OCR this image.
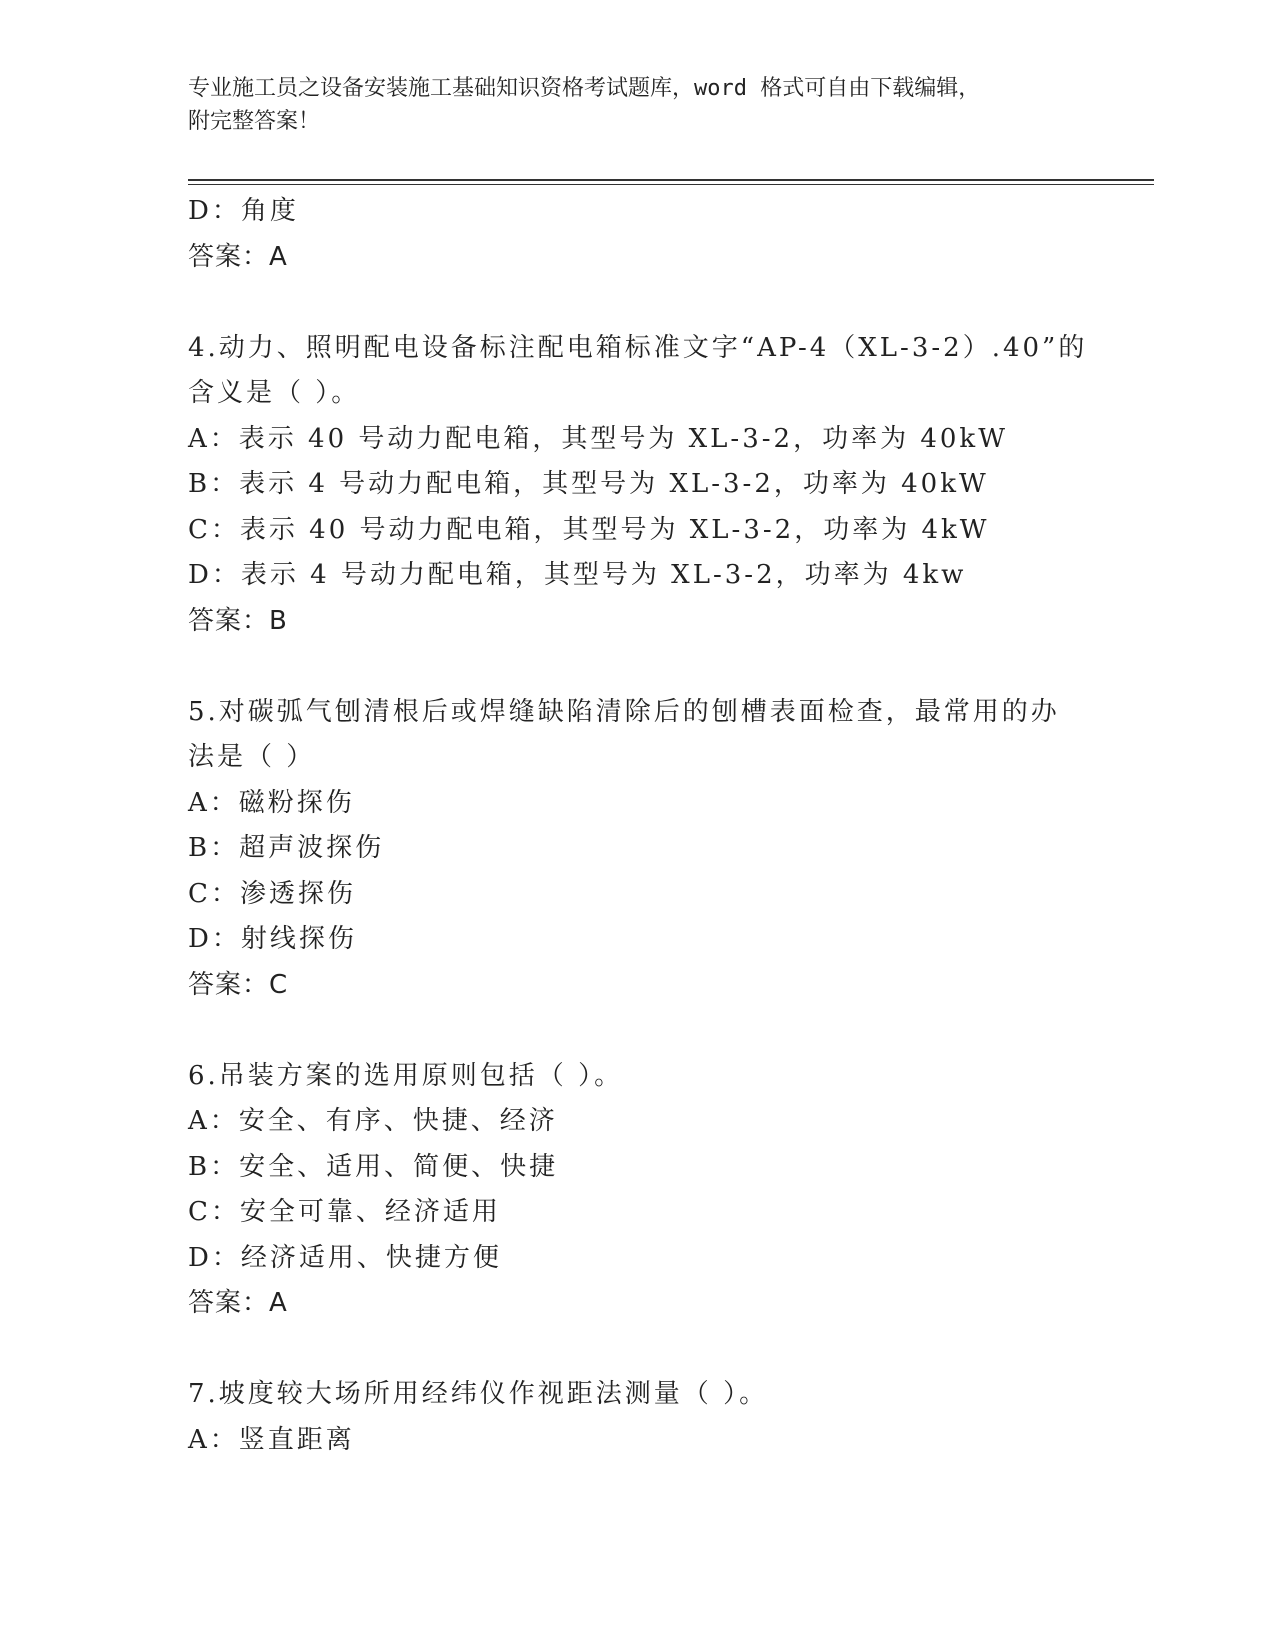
专业施工员之设备安装施工基础知识资格考试题库，word 格式可自由下载编辑，
附完整答案！
D：角度
答案：A
4.动力、照明配电设备标注配电箱标准文字“AP-4（XL-3-2）.40”的
含义是（ ）。
A：表示 40 号动力配电箱，其型号为 XL-3-2，功率为 40kW
B：表示 4 号动力配电箱，其型号为 XL-3-2，功率为 40kW
C：表示 40 号动力配电箱，其型号为 XL-3-2，功率为 4kW
D：表示 4 号动力配电箱，其型号为 XL-3-2，功率为 4kw
答案：B
5.对碳弧气刨清根后或焊缝缺陷清除后的刨槽表面检查，最常用的办
法是（ ）
A：磁粉探伤
B：超声波探伤
C：渗透探伤
D：射线探伤
答案：C
6.吊装方案的选用原则包括（ ）。
A：安全、有序、快捷、经济
B：安全、适用、简便、快捷
C：安全可靠、经济适用
D：经济适用、快捷方便
答案：A
7.坡度较大场所用经纬仪作视距法测量（ ）。
A：竖直距离
